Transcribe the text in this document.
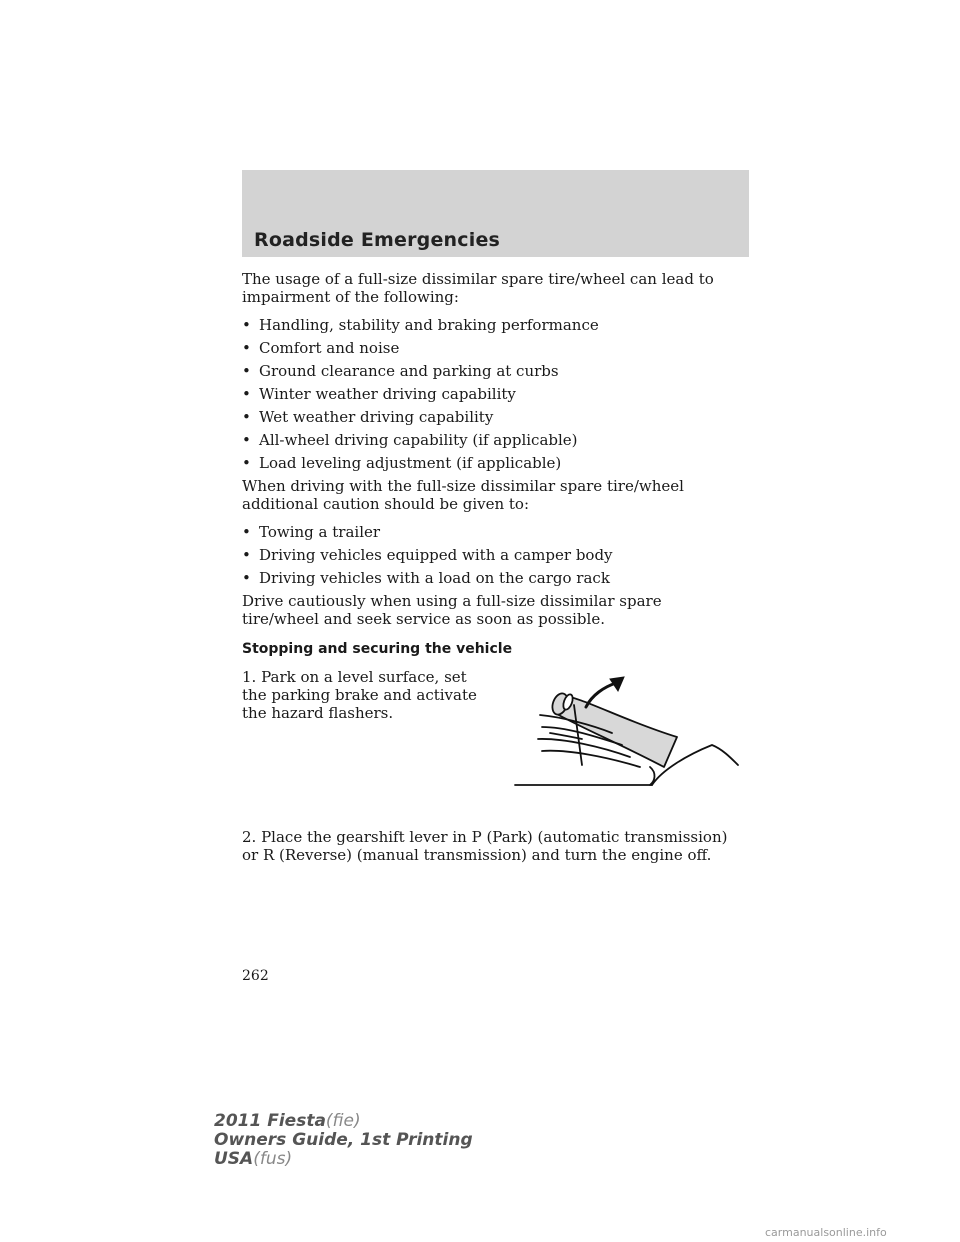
Roadside Emergencies

The usage of a full-size dissimilar spare tire/wheel can lead to impairment of the following:

• Handling, stability and braking performance
• Comfort and noise
• Ground clearance and parking at curbs
• Winter weather driving capability
• Wet weather driving capability
• All-wheel driving capability (if applicable)
• Load leveling adjustment (if applicable)

When driving with the full-size dissimilar spare tire/wheel additional caution should be given to:

• Towing a trailer
• Driving vehicles equipped with a camper body
• Driving vehicles with a load on the cargo rack

Drive cautiously when using a full-size dissimilar spare tire/wheel and seek service as soon as possible.

Stopping and securing the vehicle

1. Park on a level surface, set the parking brake and activate the hazard flashers.

2. Place the gearshift lever in P (Park) (automatic transmission) or R (Reverse) (manual transmission) and turn the engine off.

262
2011 Fiesta(fie)
Owners Guide, 1st Printing
USA(fus)
carmanualsonline.info
